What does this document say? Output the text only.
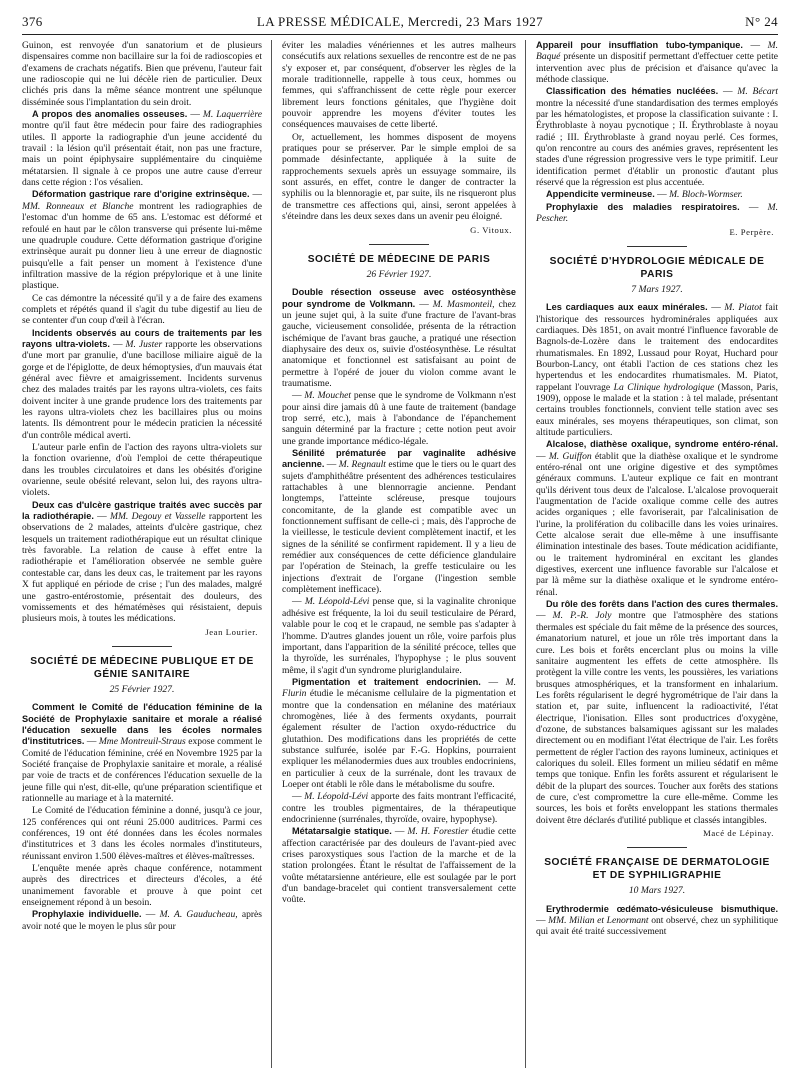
376	LA PRESSE MÉDICALE, Mercredi, 23 Mars 1927	N° 24

Guinon, est renvoyée d'un sanatorium et de plusieurs dispensaires comme non bacillaire sur la foi de radioscopies et d'examens de crachats négatifs. Bien que prévenu, l'auteur fait une radioscopie qui ne lui décèle rien de particulier. Deux clichés pris dans la même séance montrent une spélunque disséminée sous l'implantation du sein droit.

A propos des anomalies osseuses. — M. Laquerrière montre qu'il faut être médecin pour faire des radiographies utiles. Il apporte la radiographie d'un jeune accidenté du travail : la lésion qu'il présentait était, non pas une fracture, mais un point épiphysaire supplémentaire du cinquième métatarsien. Il signale à ce propos une autre cause d'erreur dans cette région : l'os vésalien.

Déformation gastrique rare d'origine extrinsèque. — MM. Ronneaux et Blanche montrent les radiographies de l'estomac d'un homme de 65 ans. L'estomac est déformé et refoulé en haut par le côlon transverse qui présente lui-même une quadruple coudure. Cette déformation gastrique d'origine extrinsèque aurait pu donner lieu à une erreur de diagnostic puisqu'elle a fait penser un moment à l'existence d'une infiltration massive de la région prépylorique et à une linite plastique.

Ce cas démontre la nécessité qu'il y a de faire des examens complets et répétés quand il s'agit du tube digestif au lieu de se contenter d'un coup d'œil à l'écran.

Incidents observés au cours de traitements par les rayons ultra-violets. — M. Juster rapporte les observations d'une mort par granulie, d'une bacillose miliaire aiguë de la gorge et de l'épiglotte, de deux hémoptysies, d'un mauvais état général avec fièvre et amaigrissement. Incidents survenus chez des malades traités par les rayons ultra-violets, ces faits doivent inciter à une grande prudence lors des traitements par les rayons ultra-violets chez les bacillaires plus ou moins latents. Ils démontrent pour le médecin praticien la nécessité d'un contrôle médical averti.

L'auteur parle enfin de l'action des rayons ultra-violets sur la fonction ovarienne, d'où l'emploi de cette thérapeutique dans les troubles circulatoires et dans les obésités d'origine ovarienne, seule obésité relevant, selon lui, des rayons ultra-violets.

Deux cas d'ulcère gastrique traités avec succès par la radiothérapie. — MM. Degouy et Vasselle rapportent les observations de 2 malades, atteints d'ulcère gastrique, chez lesquels un traitement radiothérapique eut un résultat clinique très favorable. La relation de cause à effet entre la radiothérapie et l'amélioration observée ne semble guère contestable car, dans les deux cas, le traitement par les rayons X fut appliqué en période de crise ; l'un des malades, malgré une gastro-entérostomie, présentait des douleurs, des vomissements et des hématémèses qui résistaient, depuis plusieurs mois, à toutes les médications.

Jean Lourier.
SOCIÉTÉ DE MÉDECINE PUBLIQUE ET DE GÉNIE SANITAIRE
25 Février 1927.

Comment le Comité de l'éducation féminine de la Société de Prophylaxie sanitaire et morale a réalisé l'éducation sexuelle dans les écoles normales d'institutrices. — Mme Montreuil-Straus expose comment le Comité de l'éducation féminine, créé en Novembre 1925 par la Société française de Prophylaxie sanitaire et morale, a réalisé par voie de tracts et de conférences l'éducation sexuelle de la jeune fille qui n'est, dit-elle, qu'une préparation scientifique et rationnelle au mariage et à la maternité.

Le Comité de l'éducation féminine a donné, jusqu'à ce jour, 125 conférences qui ont réuni 25.000 auditrices. Parmi ces conférences, 19 ont été données dans les écoles normales d'institutrices et 3 dans les écoles normales d'instituteurs, réunissant environ 1.500 élèves-maîtres et élèves-maîtresses.

L'enquête menée après chaque conférence, notamment auprès des directrices et directeurs d'écoles, a été unanimement favorable et prouve à que point cet enseignement répond à un besoin.

Prophylaxie individuelle. — M. A. Gauducheau, après avoir noté que le moyen le plus sûr pour

éviter les maladies vénériennes et les autres malheurs consécutifs aux relations sexuelles de rencontre est de ne pas s'y exposer et, par conséquent, d'observer les règles de la morale traditionnelle, rappelle à tous ceux, hommes ou femmes, qui s'affranchissent de cette règle pour exercer librement leurs fonctions génitales, que l'hygiène doit pouvoir apprendre les moyens d'éviter toutes les conséquences mauvaises de cette liberté.

Or, actuellement, les hommes disposent de moyens pratiques pour se préserver. Par le simple emploi de sa pommade désinfectante, appliquée à la suite de rapprochements sexuels après un essuyage sommaire, ils sont assurés, en effet, contre le danger de contracter la syphilis ou la blennoragie et, par suite, ils ne risqueront plus de transmettre ces affections qui, ainsi, seront appelées à s'éteindre dans les deux sexes dans un avenir peu éloigné.

G. Vitoux.
SOCIÉTÉ DE MÉDECINE DE PARIS
26 Février 1927.

Double résection osseuse avec ostéosynthèse pour syndrome de Volkmann. — M. Masmonteil, chez un jeune sujet qui, à la suite d'une fracture de l'avant-bras gauche, vicieusement consolidée, présenta de la rétraction ischémique de l'avant bras gauche, a pratiqué une résection diaphysaire des deux os, suivie d'ostéosynthèse. Le résultat anatomique et fonctionnel est satisfaisant au point de permettre à l'opéré de jouer du violon comme avant le traumatisme.

— M. Mouchet pense que le syndrome de Volkmann n'est pour ainsi dire jamais dû à une faute de traitement (bandage trop serré, etc.), mais à l'abondance de l'épanchement sanguin déterminé par la fracture ; cette notion peut avoir une grande importance médico-légale.

Sénilité prématurée par vaginalite adhésive ancienne. — M. Regnault estime que le tiers ou le quart des sujets d'amphithéâtre présentent des adhérences testiculaires rattachables à une blennorragie ancienne. Pendant longtemps, l'atteinte scléreuse, presque toujours concomitante, de la glande est compatible avec un fonctionnement suffisant de celle-ci ; mais, dès l'approche de la vieillesse, le testicule devient complètement inactif, et les signes de la sénilité se confirment rapidement. Il y a lieu de remédier aux conséquences de cette déficience glandulaire par l'opération de Steinach, la greffe testiculaire ou les injections d'extrait de l'organe (l'ingestion semble complètement inefficace).

— M. Léopold-Lévi pense que, si la vaginalite chronique adhésive est fréquente, la loi du seuil testiculaire de Pérard, valable pour le coq et le crapaud, ne semble pas s'adapter à l'homme. D'autres glandes jouent un rôle, voire parfois plus important, dans l'apparition de la sénilité précoce, telles que la thyroïde, les surrénales, l'hypophyse ; le plus souvent même, il s'agit d'un syndrome pluriglandulaire.

Pigmentation et traitement endocrinien. — M. Flurin étudie le mécanisme cellulaire de la pigmentation et montre que la condensation en mélanine des matériaux chromogènes, liée à des ferments oxydants, pourrait également résulter de l'action oxydo-réductrice du glutathion. Des modifications dans les propriétés de cette substance sulfurée, isolée par F.-G. Hopkins, pourraient expliquer les mélanodermies dues aux troubles endocriniens, en particulier à ceux de la surrénale, dont les travaux de Loeper ont établi le rôle dans le métabolisme du soufre.

— M. Léopold-Lévi apporte des faits montrant l'efficacité, contre les troubles pigmentaires, de la thérapeutique endocrinienne (surrénales, thyroïde, ovaire, hypophyse).

Métatarsalgie statique. — M. H. Forestier étudie cette affection caractérisée par des douleurs de l'avant-pied avec crises paroxystiques sous l'action de la marche et de la station prolongées. Étant le résultat de l'affaissement de la voûte métatarsienne antérieure, elle est soulagée par le port d'un bandage-bracelet qui contient transversalement cette voûte.

Appareil pour insufflation tubo-tympanique. — M. Baqué présente un dispositif permettant d'effectuer cette petite intervention avec plus de précision et d'aisance qu'avec la méthode classique.

Classification des hématies nucléées. — M. Bécart montre la nécessité d'une standardisation des termes employés par les hématologistes, et propose la classification suivante : I. Érythroblaste à noyau pycnotique ; II. Érythroblaste à noyau radié ; III. Érythroblaste à grand noyau perlé. Ces formes, qu'on rencontre au cours des anémies graves, représentent les stades d'une régression progressive vers le type primitif. Leur identification permet d'établir un pronostic d'autant plus réservé que la régression est plus accentuée.

Appendicite vermineuse. — M. Bloch-Wormser.

Prophylaxie des maladies respiratoires. — M. Pescher.

E. Perpère.
SOCIÉTÉ D'HYDROLOGIE MÉDICALE DE PARIS
7 Mars 1927.

Les cardiaques aux eaux minérales. — M. Piatot fait l'historique des ressources hydrominérales appliquées aux cardiaques. Dès 1851, on avait montré l'influence favorable de Bagnols-de-Lozère dans le traitement des endocardites rhumatismales. En 1892, Lussaud pour Royat, Huchard pour Bourbon-Lancy, ont établi l'action de ces stations chez les hypertendus et les endocardites rhumatismales. M. Piatot, rappelant l'ouvrage La Clinique hydrologique (Masson, Paris, 1909), oppose le malade et la station : à tel malade, présentant certains troubles fonctionnels, convient telle station avec ses eaux minérales, ses moyens thérapeutiques, son climat, son altitude particuliers.

Alcalose, diathèse oxalique, syndrome entéro-rénal. — M. Guiffon établit que la diathèse oxalique et le syndrome entéro-rénal ont une origine digestive et des symptômes généraux communs. L'auteur explique ce fait en montrant qu'ils dérivent tous deux de l'alcalose. L'alcalose provoquerait l'augmentation de l'acide oxalique comme celle des autres acides organiques ; elle favoriserait, par l'alcalinisation de l'urine, la prolifération du colibacille dans les voies urinaires. Cette alcalose serait due elle-même à une insuffisante élimination intestinale des bases. Toute médication acidifiante, ou le traitement hydrominéral en excitant les glandes digestives, exercent une influence favorable sur l'alcalose et par là même sur la diathèse oxalique et le syndrome entéro-rénal.

Du rôle des forêts dans l'action des cures thermales. — M. P.-R. Joly montre que l'atmosphère des stations thermales est spéciale du fait même de la présence des sources, émanatorium naturel, et joue un rôle très important dans la cure. Les bois et forêts encerclant plus ou moins la ville sanitaire augmentent les effets de cette atmosphère. Ils protègent la ville contre les vents, les poussières, les variations brusques atmosphériques, et la transforment en inhalarium. Les forêts régularisent le degré hygrométrique de l'air dans la station et, par suite, influencent la radioactivité, l'état électrique, l'ionisation. Elles sont productrices d'oxygène, d'ozone, de substances balsamiques agissant sur les malades directement ou en modifiant l'état électrique de l'air. Les forêts permettent de régler l'action des rayons lumineux, actiniques et caloriques du soleil. Elles forment un milieu sédatif en même temps que tonique. Enfin les forêts assurent et régularisent le débit de la plupart des sources. Toucher aux forêts des stations de cure, c'est compromettre la cure elle-même. Comme les sources, les bois et forêts enveloppant les stations thermales doivent être déclarés d'utilité publique et classés intangibles.

Macé de Lépinay.
SOCIÉTÉ FRANÇAISE DE DERMATOLOGIE ET DE SYPHILIGRAPHIE
10 Mars 1927.

Erythrodermie œdémato-vésiculeuse bismuthique. — MM. Milian et Lenormant ont observé, chez un syphilitique qui avait été traité successivement
